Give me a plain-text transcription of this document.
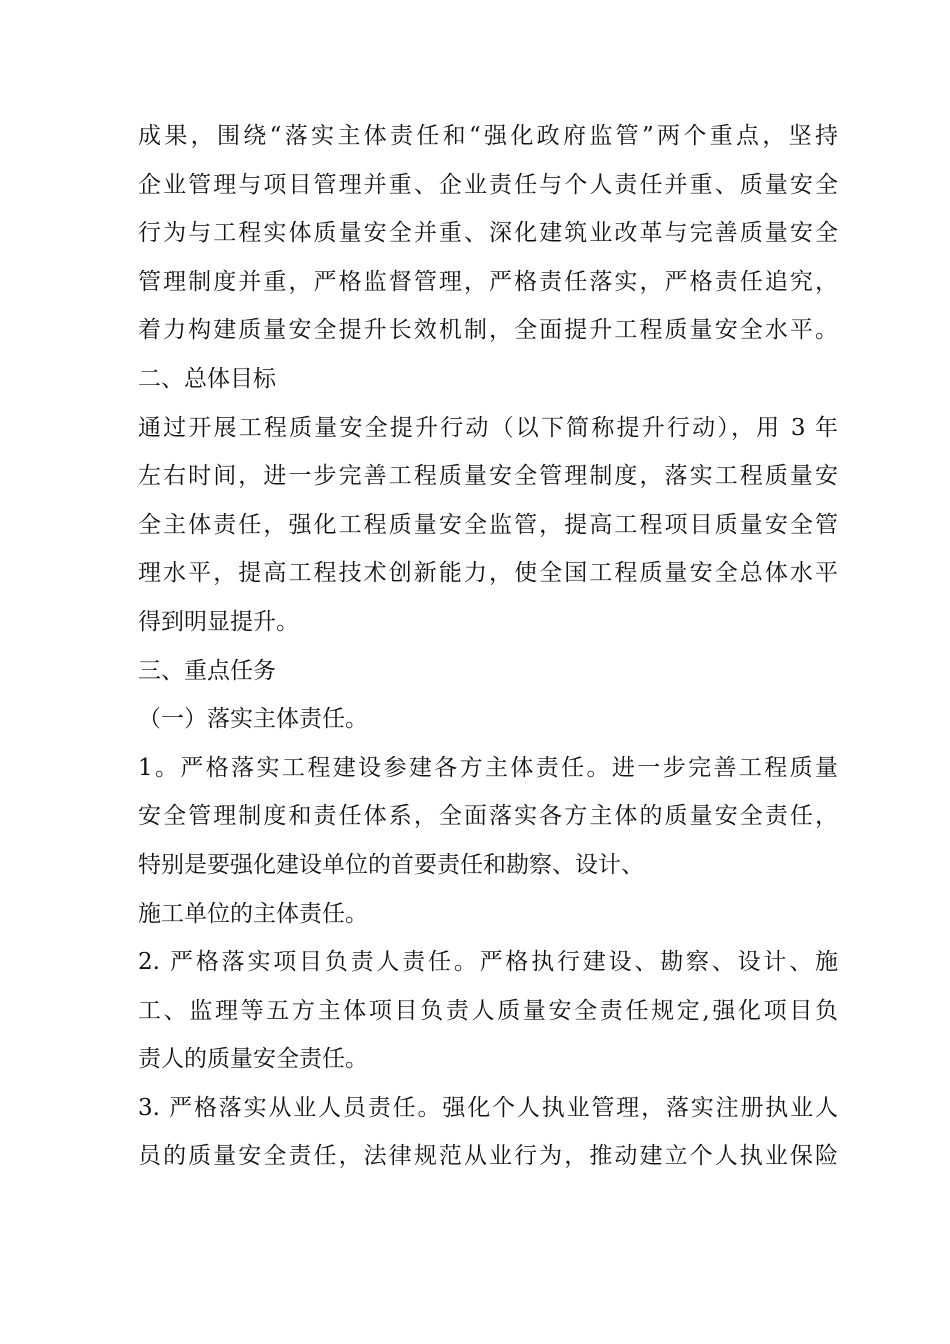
成果，围绕“落实主体责任和“强化政府监管”两个重点，坚持
企业管理与项目管理并重、企业责任与个人责任并重、质量安全
行为与工程实体质量安全并重、深化建筑业改革与完善质量安全
管理制度并重，严格监督管理，严格责任落实，严格责任追究，
着力构建质量安全提升长效机制，全面提升工程质量安全水平。
二、总体目标
通过开展工程质量安全提升行动（以下简称提升行动），用 3 年
左右时间，进一步完善工程质量安全管理制度，落实工程质量安
全主体责任，强化工程质量安全监管，提高工程项目质量安全管
理水平，提高工程技术创新能力，使全国工程质量安全总体水平
得到明显提升。
三、重点任务
（一）落实主体责任。
1。严格落实工程建设参建各方主体责任。进一步完善工程质量
安全管理制度和责任体系，全面落实各方主体的质量安全责任，
特别是要强化建设单位的首要责任和勘察、设计、
施工单位的主体责任。
2. 严格落实项目负责人责任。严格执行建设、勘察、设计、施
工、监理等五方主体项目负责人质量安全责任规定,强化项目负
责人的质量安全责任。
3. 严格落实从业人员责任。强化个人执业管理，落实注册执业人
员的质量安全责任，法律规范从业行为，推动建立个人执业保险
